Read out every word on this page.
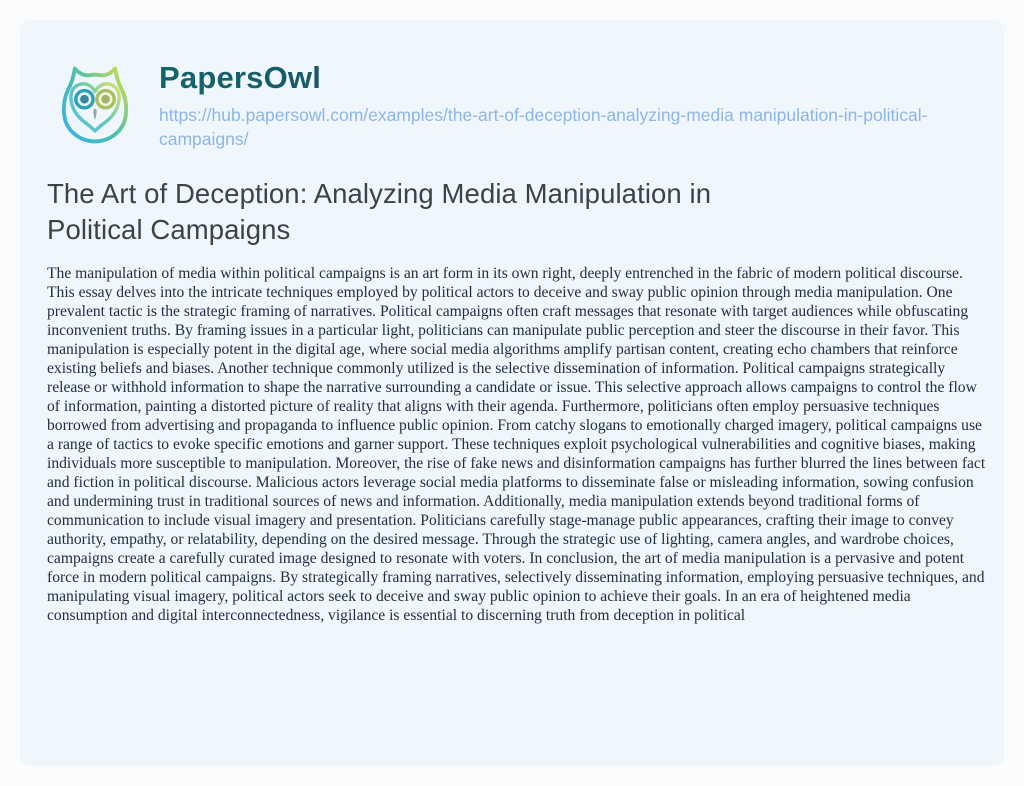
PapersOwl
https://hub.papersowl.com/examples/the-art-of-deception-analyzing-media manipulation-in-political-campaigns/
The Art of Deception: Analyzing Media Manipulation in Political Campaigns

The manipulation of media within political campaigns is an art form in its own right, deeply entrenched in the fabric of modern political discourse. This essay delves into the intricate techniques employed by political actors to deceive and sway public opinion through media manipulation. One prevalent tactic is the strategic framing of narratives. Political campaigns often craft messages that resonate with target audiences while obfuscating inconvenient truths. By framing issues in a particular light, politicians can manipulate public perception and steer the discourse in their favor. This manipulation is especially potent in the digital age, where social media algorithms amplify partisan content, creating echo chambers that reinforce existing beliefs and biases. Another technique commonly utilized is the selective dissemination of information. Political campaigns strategically release or withhold information to shape the narrative surrounding a candidate or issue. This selective approach allows campaigns to control the flow of information, painting a distorted picture of reality that aligns with their agenda. Furthermore, politicians often employ persuasive techniques borrowed from advertising and propaganda to influence public opinion. From catchy slogans to emotionally charged imagery, political campaigns use a range of tactics to evoke specific emotions and garner support. These techniques exploit psychological vulnerabilities and cognitive biases, making individuals more susceptible to manipulation. Moreover, the rise of fake news and disinformation campaigns has further blurred the lines between fact and fiction in political discourse. Malicious actors leverage social media platforms to disseminate false or misleading information, sowing confusion and undermining trust in traditional sources of news and information. Additionally, media manipulation extends beyond traditional forms of communication to include visual imagery and presentation. Politicians carefully stage-manage public appearances, crafting their image to convey authority, empathy, or relatability, depending on the desired message. Through the strategic use of lighting, camera angles, and wardrobe choices, campaigns create a carefully curated image designed to resonate with voters. In conclusion, the art of media manipulation is a pervasive and potent force in modern political campaigns. By strategically framing narratives, selectively disseminating information, employing persuasive techniques, and manipulating visual imagery, political actors seek to deceive and sway public opinion to achieve their goals. In an era of heightened media consumption and digital interconnectedness, vigilance is essential to discerning truth from deception in political
